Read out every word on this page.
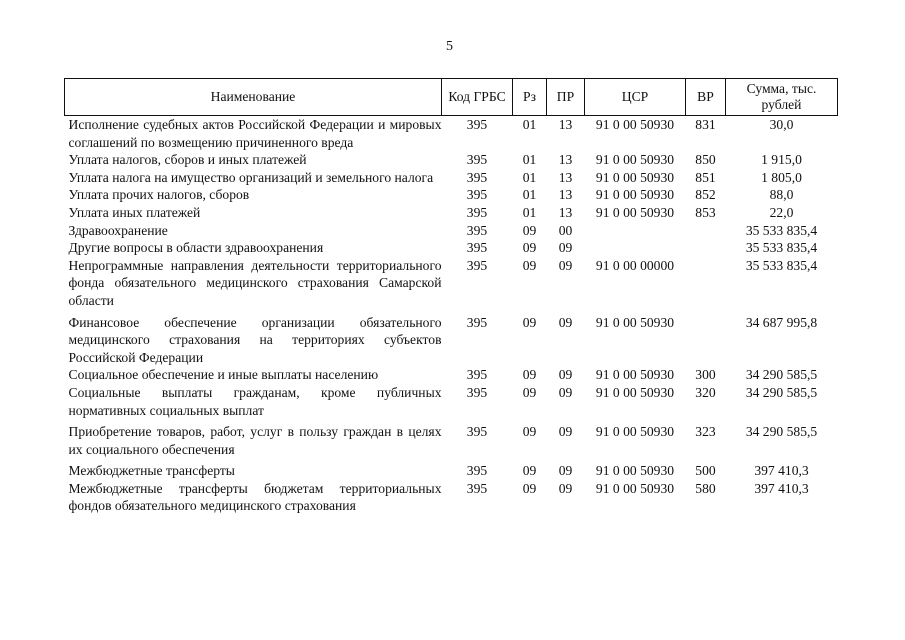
5
Наименование	Код ГРБС	Рз	ПР	ЦСР	ВР	Сумма, тыс. рублей
Исполнение судебных актов Российской Федерации и мировых соглашений по возмещению причиненного вреда	395	01	13	91 0 00 50930	831	30,0
Уплата налогов, сборов и иных платежей	395	01	13	91 0 00 50930	850	1 915,0
Уплата налога на имущество организаций и земельного налога	395	01	13	91 0 00 50930	851	1 805,0
Уплата прочих налогов, сборов	395	01	13	91 0 00 50930	852	88,0
Уплата иных платежей	395	01	13	91 0 00 50930	853	22,0
Здравоохранение	395	09	00			35 533 835,4
Другие вопросы в области здравоохранения	395	09	09			35 533 835,4
Непрограммные направления деятельности территориального фонда обязательного медицинского страхования Самарской области	395	09	09	91 0 00 00000		35 533 835,4
Финансовое обеспечение организации обязательного медицинского страхования на территориях субъектов Российской Федерации	395	09	09	91 0 00 50930		34 687 995,8
Социальное обеспечение и иные выплаты населению	395	09	09	91 0 00 50930	300	34 290 585,5
Социальные выплаты гражданам, кроме публичных нормативных социальных выплат	395	09	09	91 0 00 50930	320	34 290 585,5
Приобретение товаров, работ, услуг в пользу граждан в целях их социального обеспечения	395	09	09	91 0 00 50930	323	34 290 585,5
Межбюджетные трансферты	395	09	09	91 0 00 50930	500	397 410,3
Межбюджетные трансферты бюджетам территориальных фондов обязательного медицинского страхования	395	09	09	91 0 00 50930	580	397 410,3
